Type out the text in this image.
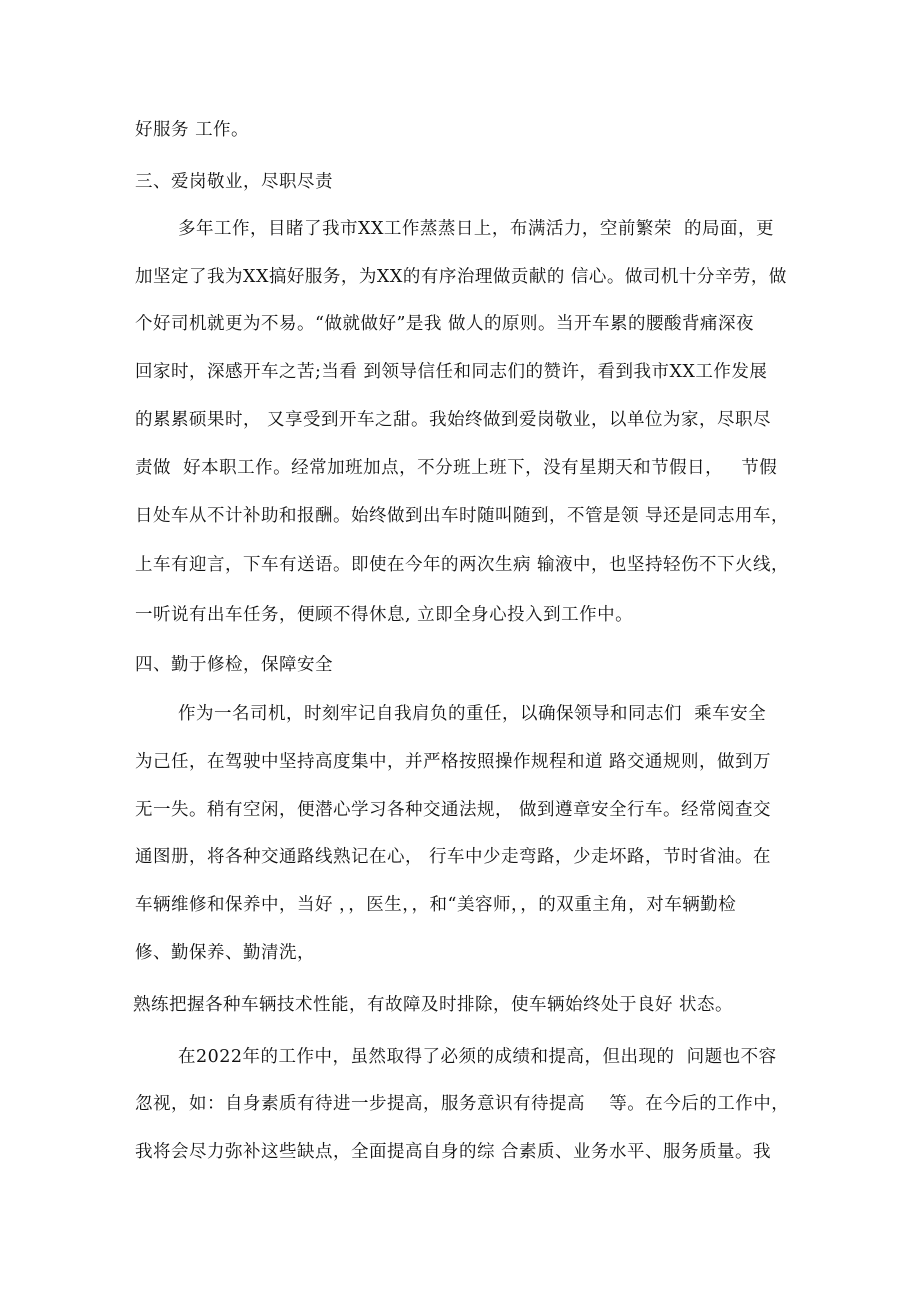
好服务 工作。
三、爱岗敬业，尽职尽责
多年工作，目睹了我市XX工作蒸蒸日上，布满活力，空前繁荣  的局面，更
加坚定了我为XX搞好服务，为XX的有序治理做贡献的 信心。做司机十分辛劳，做
个好司机就更为不易。“做就做好”是我 做人的原则。当开车累的腰酸背痛深夜
回家时，深感开车之苦;当看 到领导信任和同志们的赞许，看到我市XX工作发展
的累累硕果时， 又享受到开车之甜。我始终做到爱岗敬业，以单位为家，尽职尽
责做  好本职工作。经常加班加点，不分班上班下，没有星期天和节假日，   节假
日处车从不计补助和报酬。始终做到出车时随叫随到，不管是领 导还是同志用车，
上车有迎言，下车有送语。即使在今年的两次生病 输液中，也坚持轻伤不下火线，
一听说有出车任务，便顾不得休息, 立即全身心投入到工作中。
四、勤于修检，保障安全
作为一名司机，时刻牢记自我肩负的重任，以确保领导和同志们  乘车安全
为己任，在驾驶中坚持高度集中，并严格按照操作规程和道 路交通规则，做到万
无一失。稍有空闲，便潜心学习各种交通法规， 做到遵章安全行车。经常阅查交
通图册，将各种交通路线熟记在心， 行车中少走弯路，少走坏路，节时省油。在
车辆维修和保养中，当好 ，，医生，，和“美容师，，的双重主角，对车辆勤检
修、勤保养、勤清洗，
熟练把握各种车辆技术性能，有故障及时排除，使车辆始终处于良好 状态。
在2022年的工作中，虽然取得了必须的成绩和提高，但出现的  问题也不容
忽视，如：自身素质有待进一步提高，服务意识有待提高    等。在今后的工作中，
我将会尽力弥补这些缺点，全面提高自身的综 合素质、业务水平、服务质量。我
